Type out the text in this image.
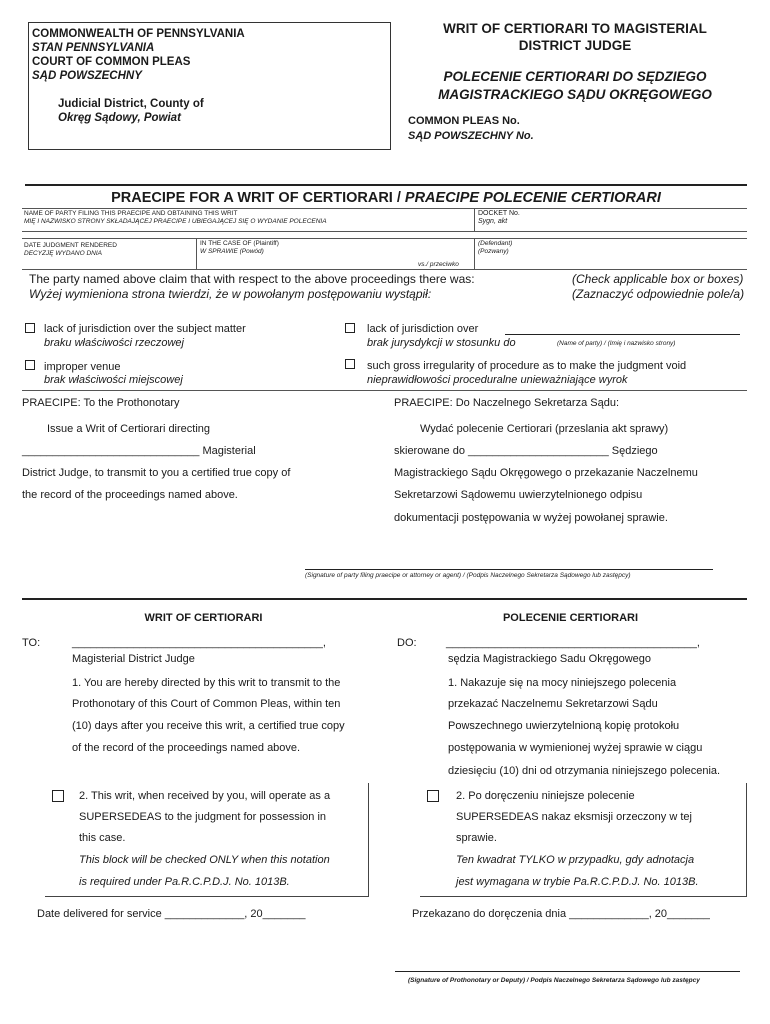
COMMONWEALTH OF PENNSYLVANIA
STAN PENNSYLVANIA
COURT OF COMMON PLEAS
SĄD POWSZECHNY
Judicial District, County of
Okręg Sądowy, Powiat
WRIT OF CERTIORARI TO MAGISTERIAL
DISTRICT JUDGE
POLECENIE CERTIORARI DO SĘDZIEGO
MAGISTRACKIEGO SĄDU OKRĘGOWEGO
COMMON PLEAS No.
SĄD POWSZECHNY No.
PRAECIPE FOR A WRIT OF CERTIORARI / PRAECIPE POLECENIE CERTIORARI
NAME OF PARTY FILING THIS PRAECIPE AND OBTAINING THIS WRIT
MIĘ I NAZWISKO STRONY SKŁADAJĄCEJ PRAECIPE I UBIEGAJĄCEJ SIĘ O WYDANIE POLECENIA
DOCKET No.
Sygn, akt
DATE JUDGMENT RENDERED
DECYZJĘ WYDANO DNIA
IN THE CASE OF (Plaintiff)
W SPRAWIE (Powód)
(Defendant)
(Pozwany)
vs./ przeciwko
The party named above claim that with respect to the above proceedings there was:
Wyżej wymieniona strona twierdzi, że w powołanym postępowaniu wystąpił:
(Check applicable box or boxes)
(Zaznaczyć odpowiednie pole/a)
lack of jurisdiction over the subject matter
braku właściwości rzeczowej
lack of jurisdiction over
brak jurysdykcji w stosunku do	(Name of party) / (Imię i nazwisko strony)
improper venue
brak właściwości miejscowej
such gross irregularity of procedure as to make the judgment void
nieprawidłowości proceduralne unieważniające wyrok
PRAECIPE: To the Prothonotary	PRAECIPE: Do Naczelnego Sekretarza Sądu:
Issue a Writ of Certiorari directing
_____________________________ Magisterial
District Judge, to transmit to you a certified true copy of
the record of the proceedings named above.
Wydać polecenie Certiorari (przeslania akt sprawy)
skierowane do _______________________ Sędziego
Magistrackiego Sądu Okręgowego o przekazanie Naczelnemu
Sekretarzowi Sądowemu uwierzytelnionego odpisu
dokumentacji postępowania w wyżej powołanej sprawie.
(Signature of party filing praecipe or attorney or agent) / (Podpis Naczelnego Sekretarza Sądowego lub zastępcy)
WRIT OF CERTIORARI	POLECENIE CERTIORARI
TO:	_________________________________________,	DO:	_________________________________________,
Magisterial District Judge	sędzia Magistrackiego Sadu Okręgowego
1. You are hereby directed by this writ to transmit to the
Prothonotary of this Court of Common Pleas, within ten
(10) days after you receive this writ, a certified true copy
of the record of the proceedings named above.
1. Nakazuje się na mocy niniejszego polecenia
przekazać Naczelnemu Sekretarzowi Sądu
Powszechnego uwierzytelnioną kopię protokołu
postępowania w wymienionej wyżej sprawie w ciągu
dziesięciu (10) dni od otrzymania niniejszego polecenia.
2. This writ, when received by you, will operate as a
SUPERSEDEAS to the judgment for possession in
this case.
This block will be checked ONLY when this notation
is required under Pa.R.C.P.D.J. No. 1013B.
2. Po doręczeniu niniejsze polecenie
SUPERSEDEAS nakaz eksmisji orzeczony w tej
sprawie.
Ten kwadrat TYLKO w przypadku, gdy adnotacja
jest wymagana w trybie Pa.R.C.P.D.J. No. 1013B.
Date delivered for service _____________, 20_______	Przekazano do doręczenia dnia _____________, 20_______
(Signature of Prothonotary or Deputy) / Podpis Naczelnego Sekretarza Sądowego lub zastępcy
